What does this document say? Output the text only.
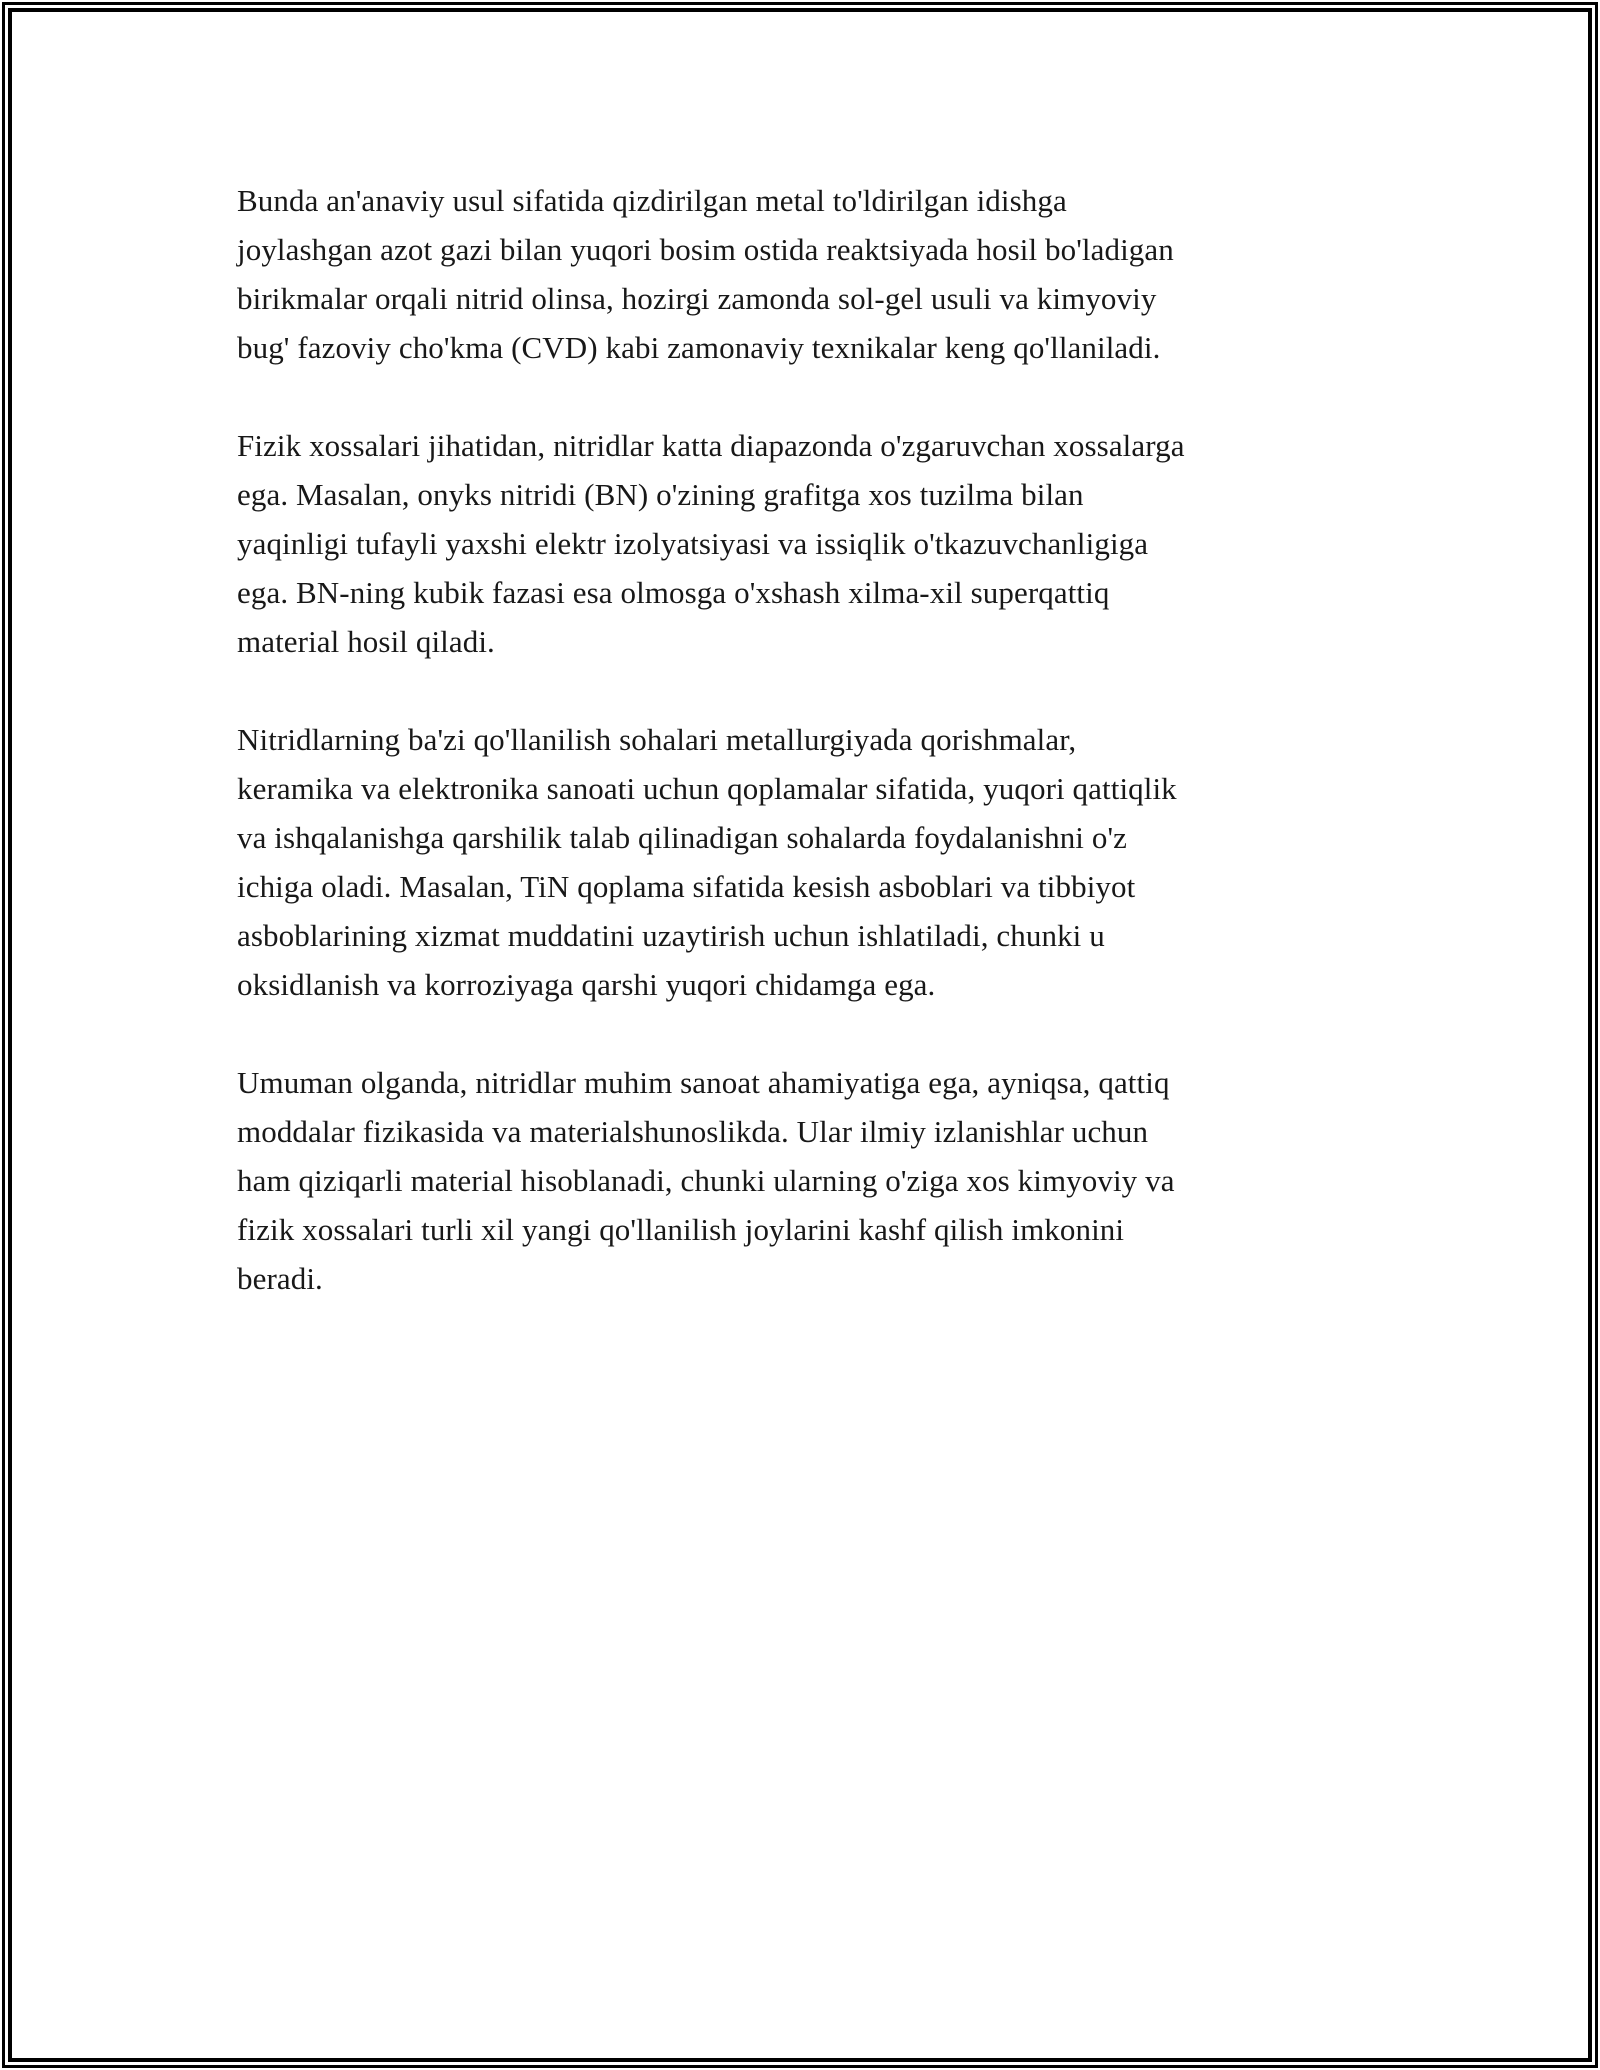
Bunda an'anaviy usul sifatida qizdirilgan metal to'ldirilgan idishga
joylashgan azot gazi bilan yuqori bosim ostida reaktsiyada hosil bo'ladigan
birikmalar orqali nitrid olinsa, hozirgi zamonda sol-gel usuli va kimyoviy
bug' fazoviy cho'kma (CVD) kabi zamonaviy texnikalar keng qo'llaniladi.

Fizik xossalari jihatidan, nitridlar katta diapazonda o'zgaruvchan xossalarga
ega. Masalan, onyks nitridi (BN) o'zining grafitga xos tuzilma bilan
yaqinligi tufayli yaxshi elektr izolyatsiyasi va issiqlik o'tkazuvchanligiga
ega. BN-ning kubik fazasi esa olmosga o'xshash xilma-xil superqattiq
material hosil qiladi.

Nitridlarning ba'zi qo'llanilish sohalari metallurgiyada qorishmalar,
keramika va elektronika sanoati uchun qoplamalar sifatida, yuqori qattiqlik
va ishqalanishga qarshilik talab qilinadigan sohalarda foydalanishni o'z
ichiga oladi. Masalan, TiN qoplama sifatida kesish asboblari va tibbiyot
asboblarining xizmat muddatini uzaytirish uchun ishlatiladi, chunki u
oksidlanish va korroziyaga qarshi yuqori chidamga ega.

Umuman olganda, nitridlar muhim sanoat ahamiyatiga ega, ayniqsa, qattiq
moddalar fizikasida va materialshunoslikda. Ular ilmiy izlanishlar uchun
ham qiziqarli material hisoblanadi, chunki ularning o'ziga xos kimyoviy va
fizik xossalari turli xil yangi qo'llanilish joylarini kashf qilish imkonini
beradi.
